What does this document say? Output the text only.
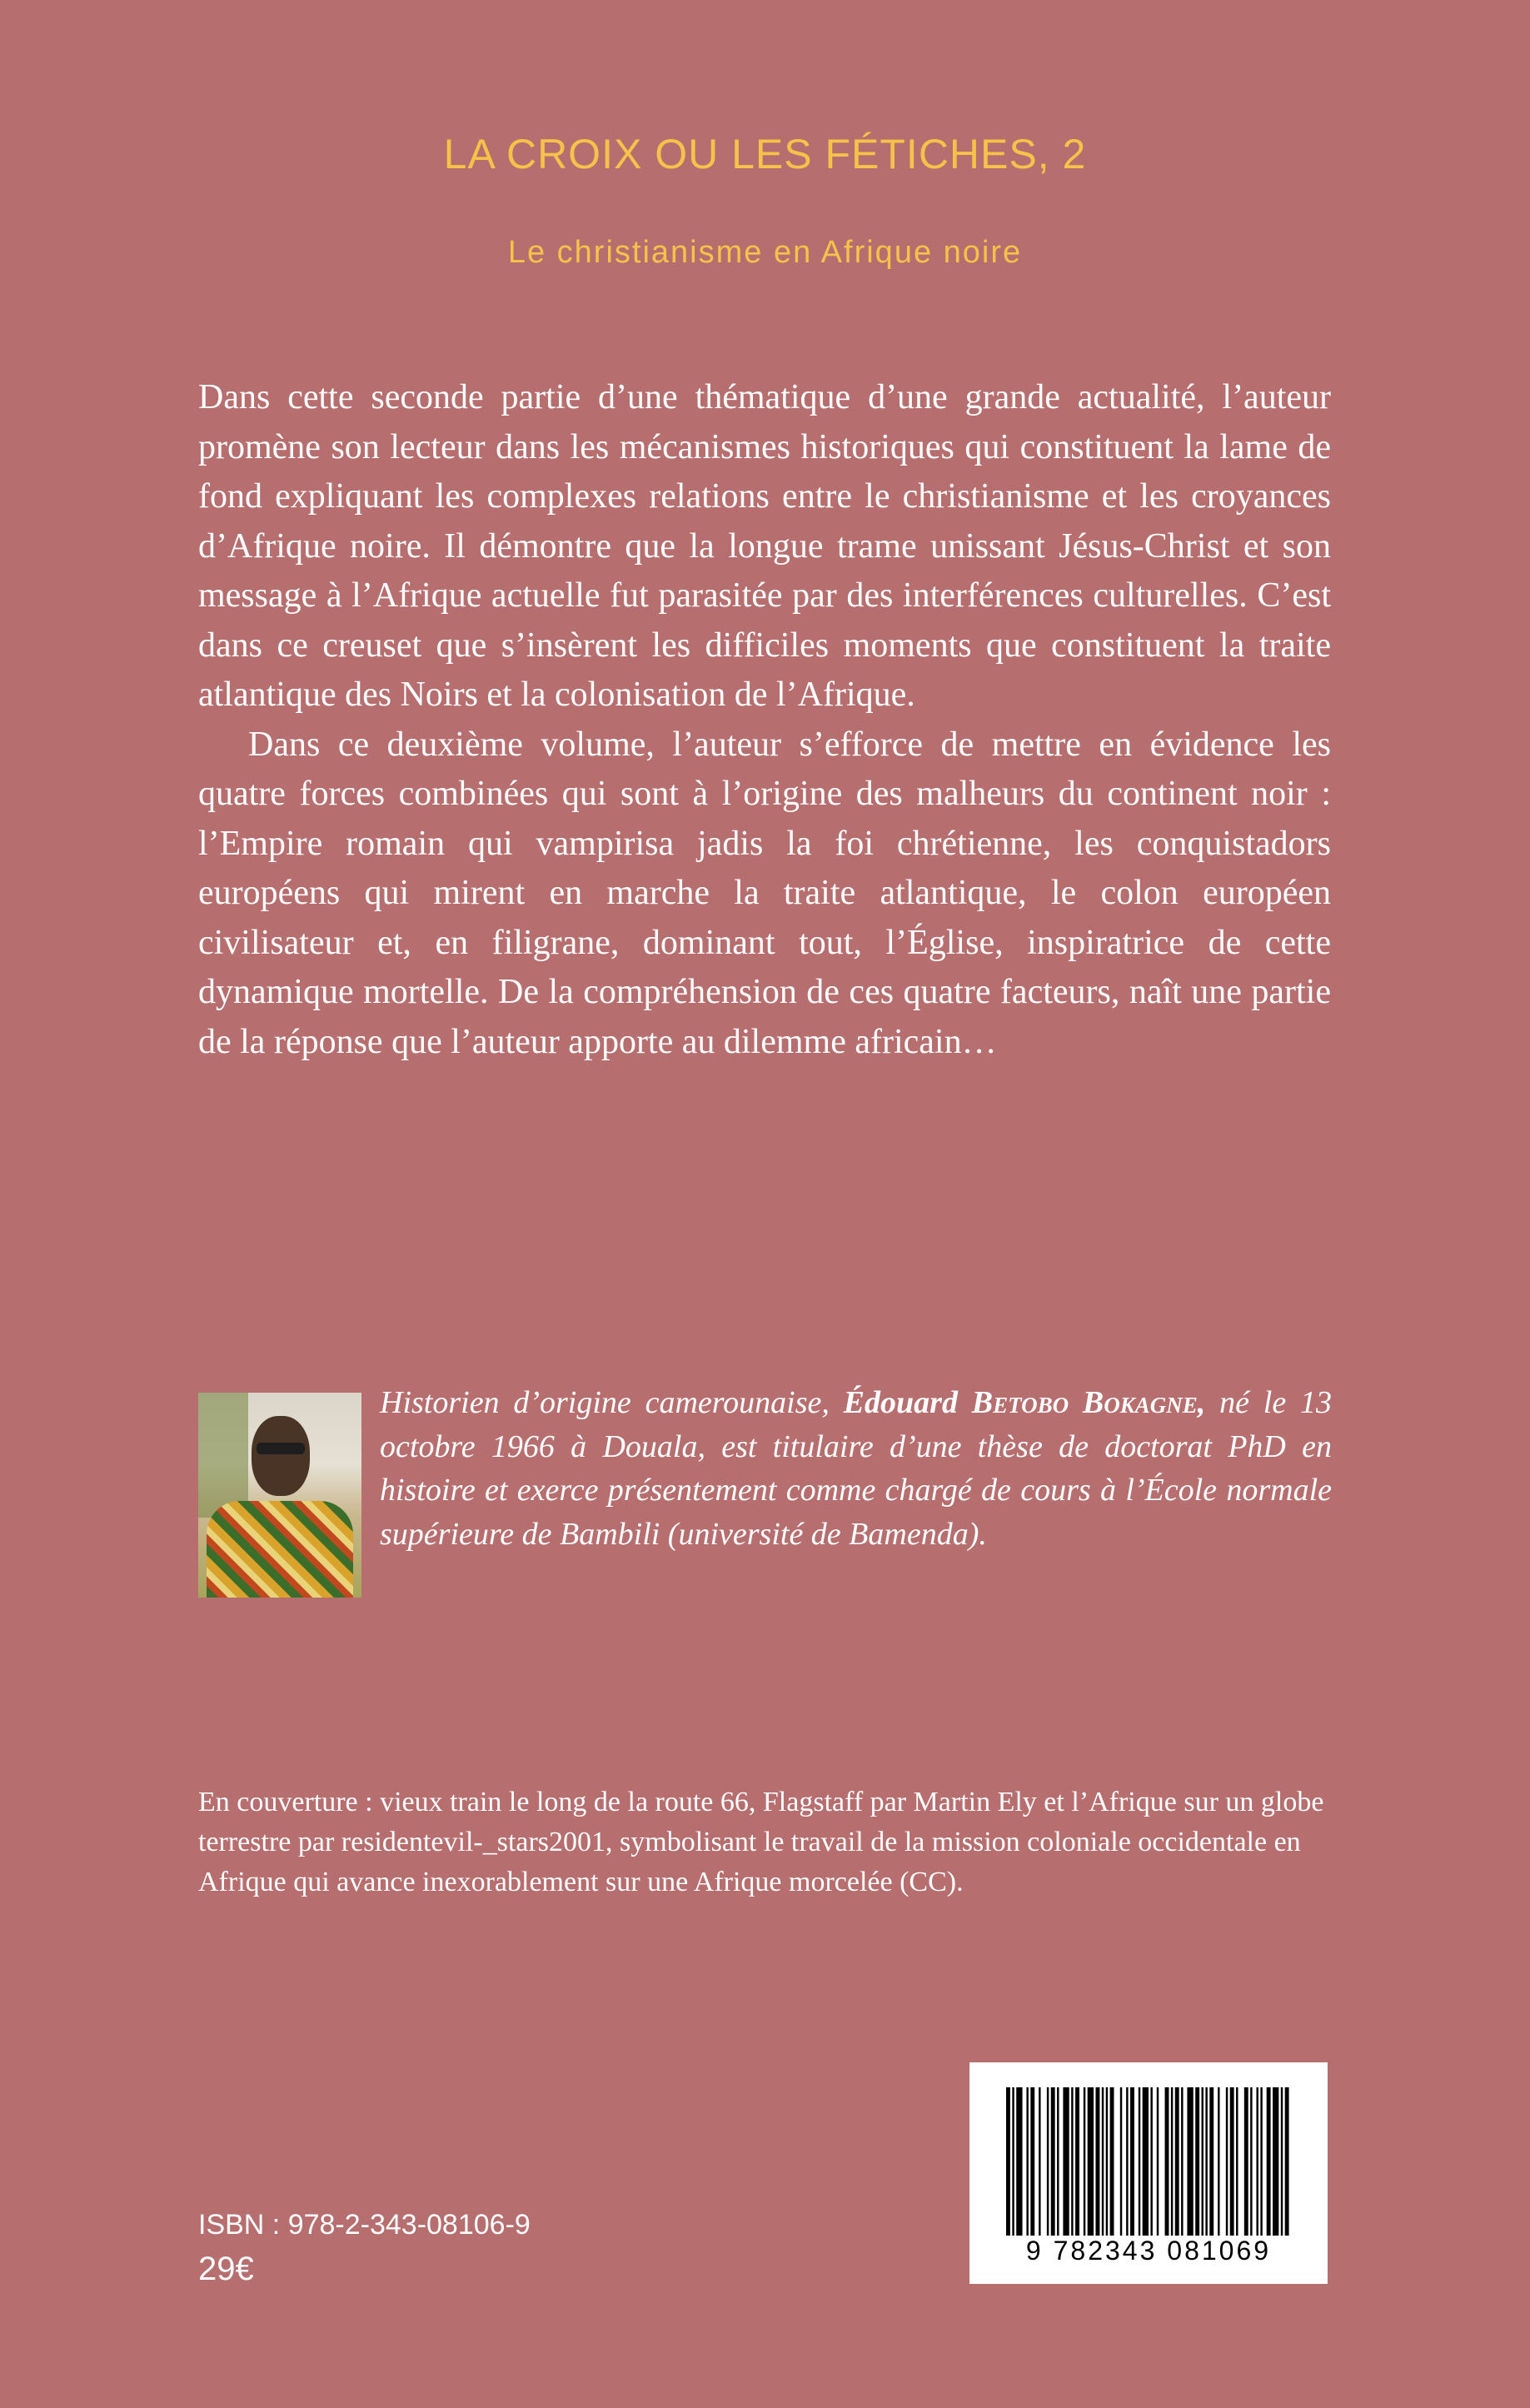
LA CROIX OU LES FÉTICHES, 2
Le christianisme en Afrique noire

Dans cette seconde partie d’une thématique d’une grande actualité, l’auteur promène son lecteur dans les mécanismes historiques qui constituent la lame de fond expliquant les complexes relations entre le christianisme et les croyances d’Afrique noire. Il démontre que la longue trame unissant Jésus-Christ et son message à l’Afrique actuelle fut parasitée par des interférences culturelles. C’est dans ce creuset que s’insèrent les difficiles moments que constituent la traite atlantique des Noirs et la colonisation de l’Afrique.

Dans ce deuxième volume, l’auteur s’efforce de mettre en évidence les quatre forces combinées qui sont à l’origine des malheurs du continent noir : l’Empire romain qui vampirisa jadis la foi chrétienne, les conquistadors européens qui mirent en marche la traite atlantique, le colon européen civilisateur et, en filigrane, dominant tout, l’Église, inspiratrice de cette dynamique mortelle. De la compréhension de ces quatre facteurs, naît une partie de la réponse que l’auteur apporte au dilemme africain…

Historien d’origine camerounaise, Édouard Betobo Bokagne, né le 13 octobre 1966 à Douala, est titulaire d’une thèse de doctorat PhD en histoire et exerce présentement comme chargé de cours à l’École normale supérieure de Bambili (université de Bamenda).

En couverture : vieux train le long de la route 66, Flagstaff par Martin Ely et l’Afrique sur un globe terrestre par residentevil-_stars2001, symbolisant le travail de la mission coloniale occidentale en Afrique qui avance inexorablement sur une Afrique morcelée (CC).

9 782343 081069
ISBN : 978-2-343-08106-9
29€
